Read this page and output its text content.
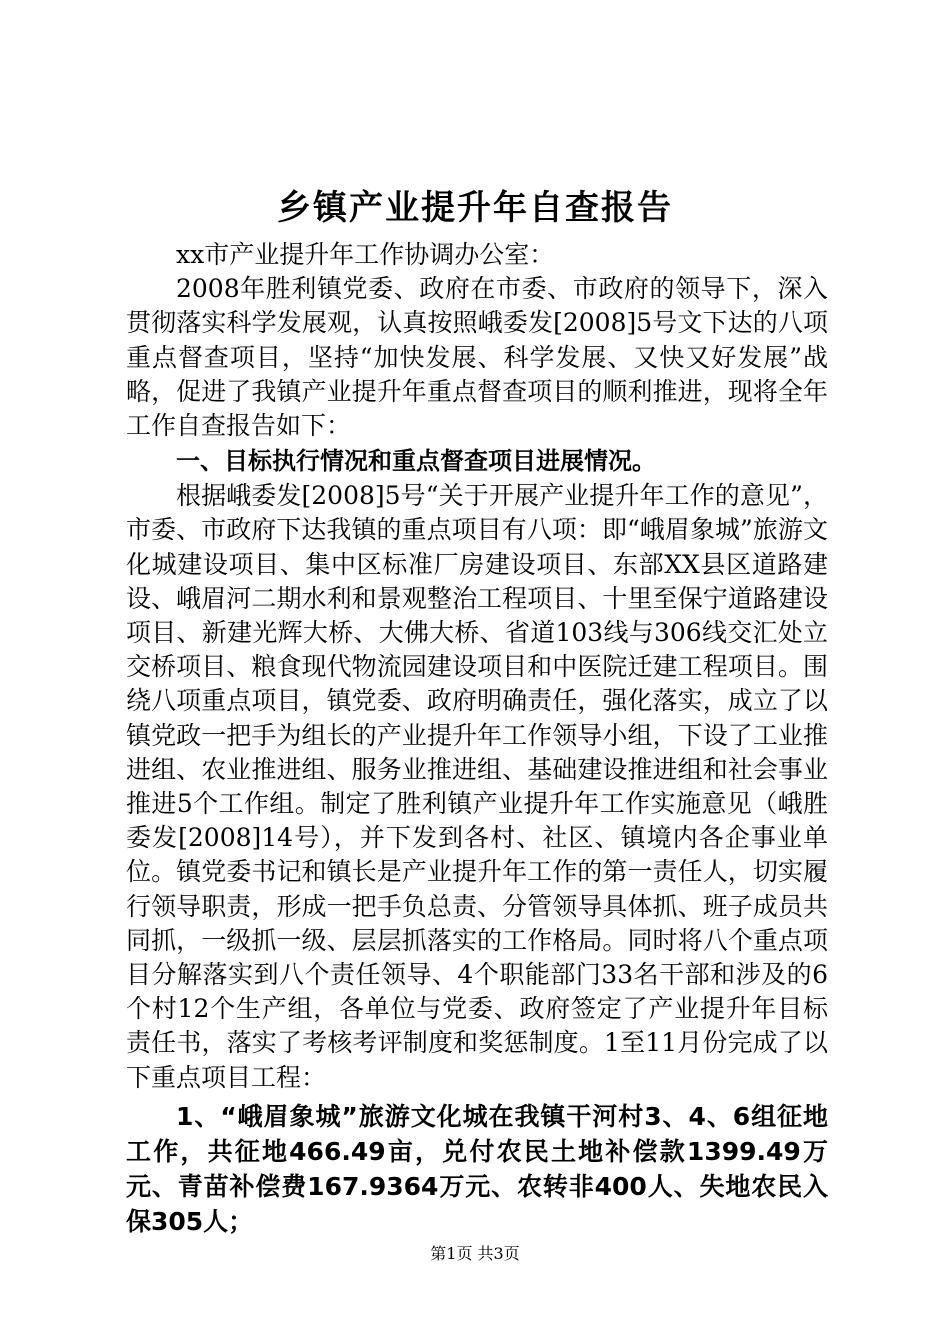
乡镇产业提升年自查报告

xx市产业提升年工作协调办公室：

2008年胜利镇党委、政府在市委、市政府的领导下，深入贯彻落实科学发展观，认真按照峨委发[2008]5号文下达的八项重点督查项目，坚持“加快发展、科学发展、又快又好发展”战略，促进了我镇产业提升年重点督查项目的顺利推进，现将全年工作自查报告如下：

一、目标执行情况和重点督查项目进展情况。

根据峨委发[2008]5号“关于开展产业提升年工作的意见”，市委、市政府下达我镇的重点项目有八项：即“峨眉象城”旅游文化城建设项目、集中区标准厂房建设项目、东部XX县区道路建设、峨眉河二期水利和景观整治工程项目、十里至保宁道路建设项目、新建光辉大桥、大佛大桥、省道103线与306线交汇处立交桥项目、粮食现代物流园建设项目和中医院迁建工程项目。围绕八项重点项目，镇党委、政府明确责任，强化落实，成立了以镇党政一把手为组长的产业提升年工作领导小组，下设了工业推进组、农业推进组、服务业推进组、基础建设推进组和社会事业推进5个工作组。制定了胜利镇产业提升年工作实施意见（峨胜委发[2008]14号），并下发到各村、社区、镇境内各企事业单位。镇党委书记和镇长是产业提升年工作的第一责任人，切实履行领导职责，形成一把手负总责、分管领导具体抓、班子成员共同抓，一级抓一级、层层抓落实的工作格局。同时将八个重点项目分解落实到八个责任领导、4个职能部门33名干部和涉及的6个村12个生产组，各单位与党委、政府签定了产业提升年目标责任书，落实了考核考评制度和奖惩制度。1至11月份完成了以下重点项目工程：

1、“峨眉象城”旅游文化城在我镇干河村3、4、6组征地工作，共征地466.49亩，兑付农民土地补偿款1399.49万元、青苗补偿费167.9364万元、农转非400人、失地农民入保305人；

第1页 共3页
